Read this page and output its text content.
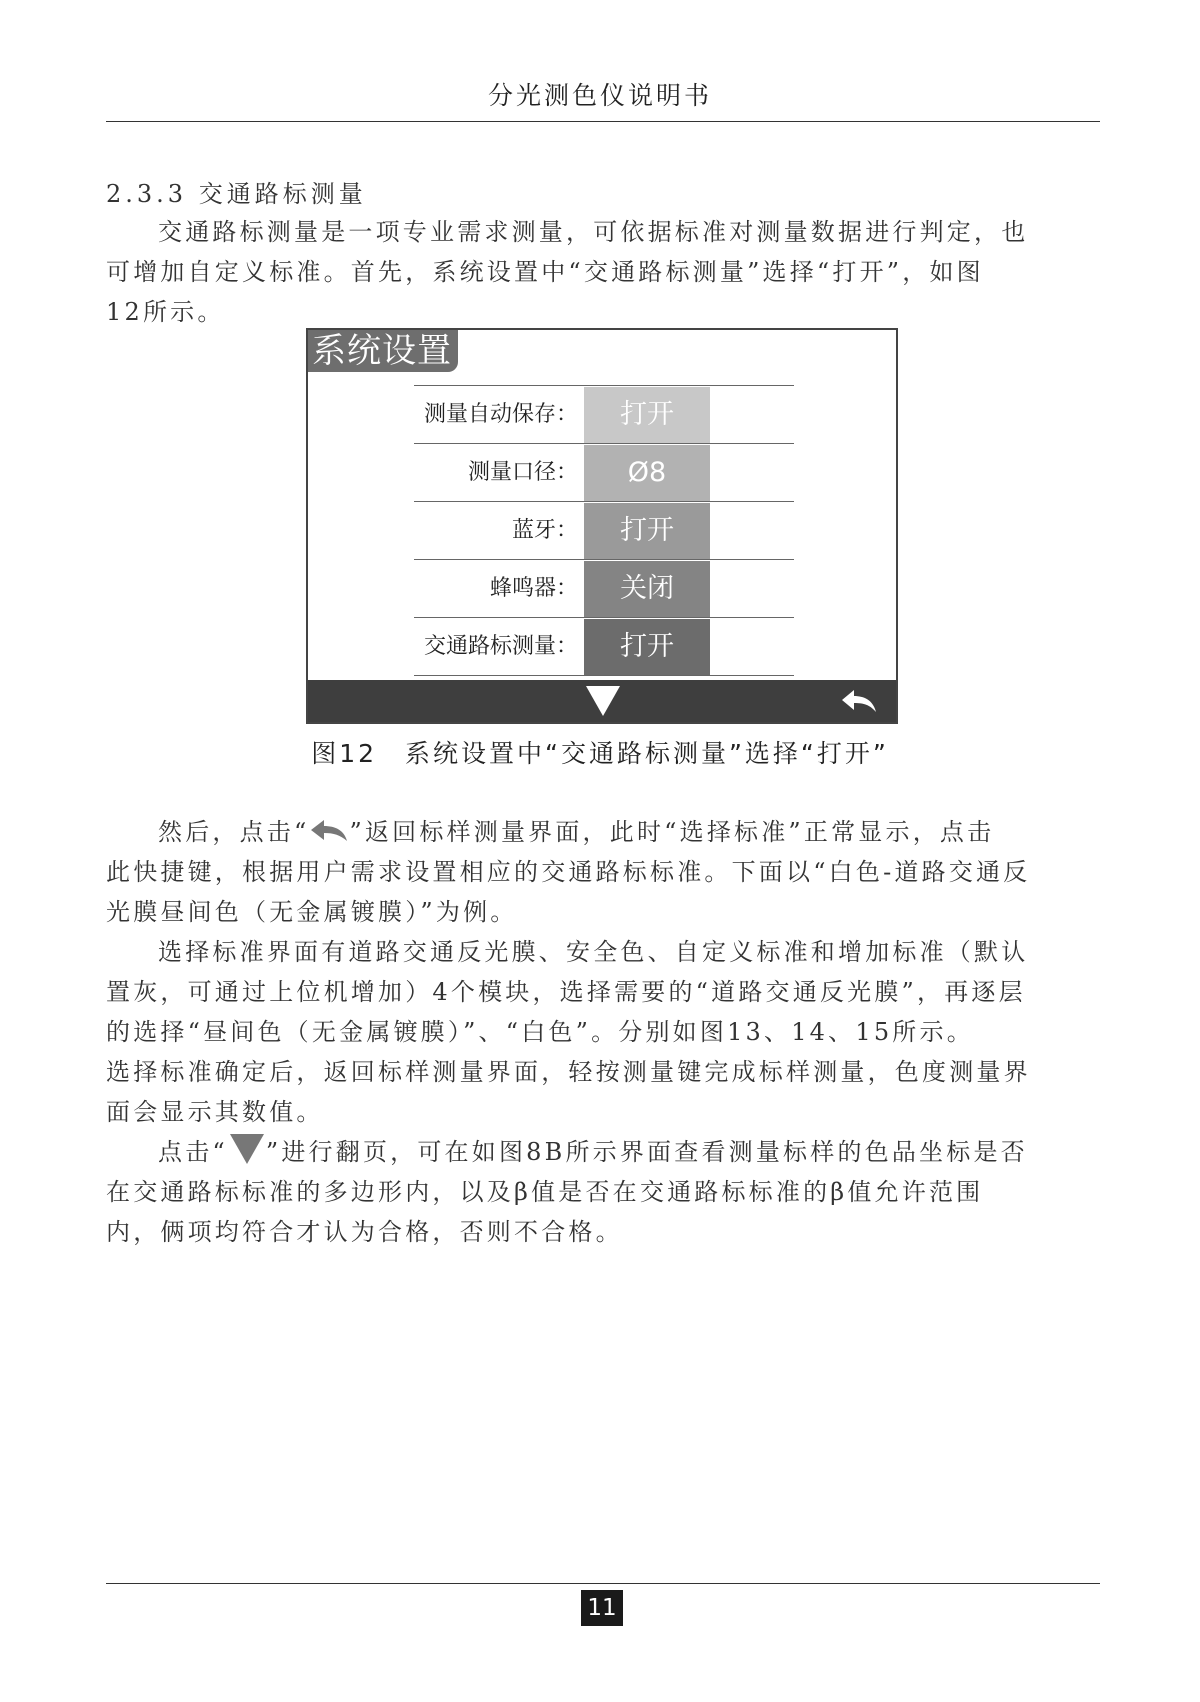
分光测色仪说明书
2.3.3 交通路标测量

交通路标测量是一项专业需求测量，可依据标准对测量数据进行判定，也
可增加自定义标准。首先，系统设置中“交通路标测量”选择“打开”，如图
12所示。

系统设置
测量自动保存：	打开
测量口径：	Ø8
蓝牙：	打开
蜂鸣器：	关闭
交通路标测量：	打开
图12　系统设置中“交通路标测量”选择“打开”

然后，点击“ ”返回标样测量界面，此时“选择标准”正常显示，点击
此快捷键，根据用户需求设置相应的交通路标标准。下面以“白色-道路交通反
光膜昼间色（无金属镀膜）”为例。

选择标准界面有道路交通反光膜、安全色、自定义标准和增加标准（默认
置灰，可通过上位机增加）4个模块，选择需要的“道路交通反光膜”，再逐层
的选择“昼间色（无金属镀膜）”、“白色”。分别如图13、14、15所示。
选择标准确定后，返回标样测量界面，轻按测量键完成标样测量，色度测量界
面会显示其数值。

点击“ ”进行翻页，可在如图8B所示界面查看测量标样的色品坐标是否
在交通路标标准的多边形内，以及β值是否在交通路标标准的β值允许范围
内，俩项均符合才认为合格，否则不合格。

11
